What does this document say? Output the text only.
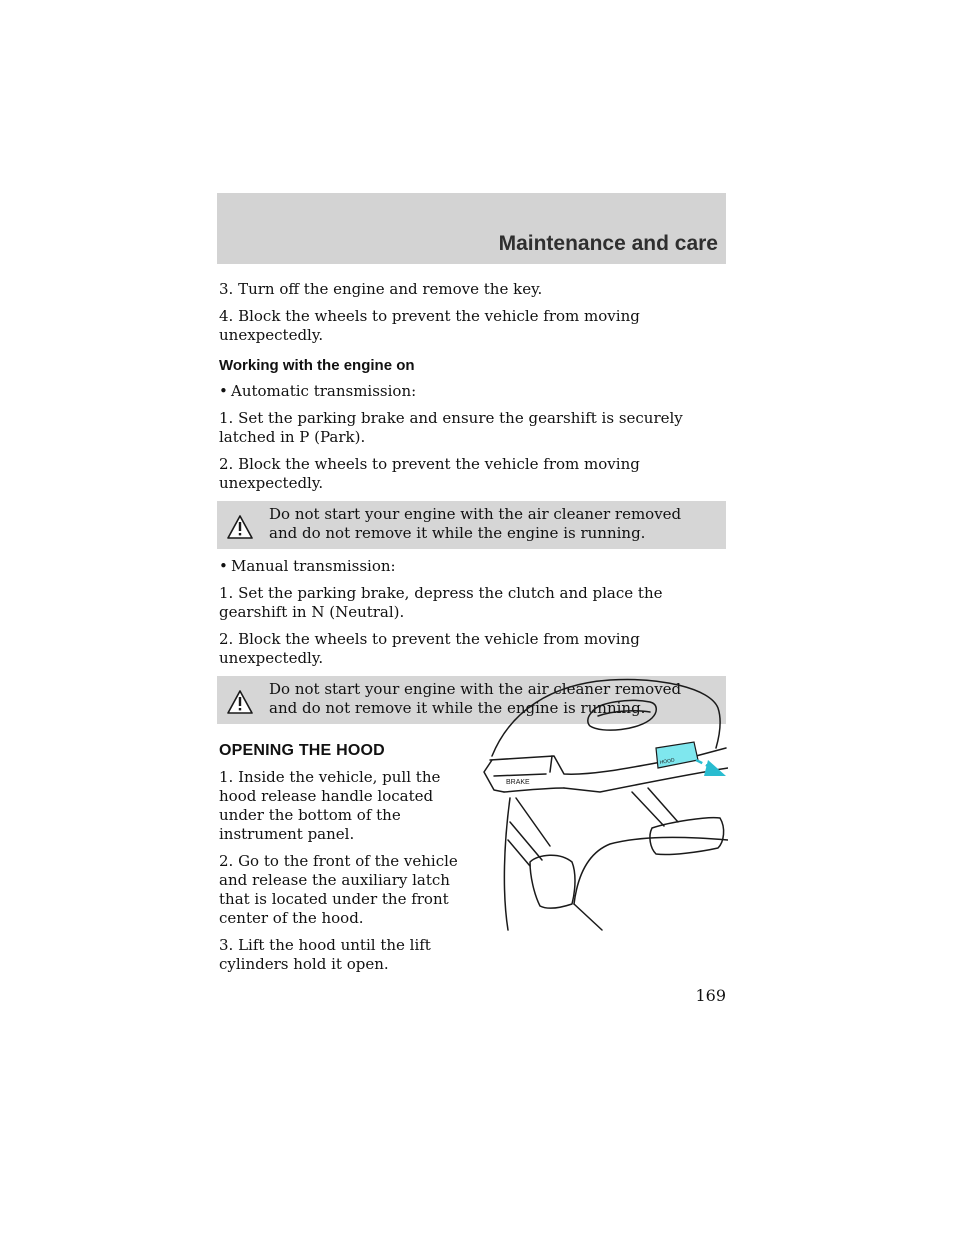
Maintenance and care

3. Turn off the engine and remove the key.

4. Block the wheels to prevent the vehicle from moving unexpectedly.

Working with the engine on

• Automatic transmission:

1. Set the parking brake and ensure the gearshift is securely latched in P (Park).

2. Block the wheels to prevent the vehicle from moving unexpectedly.

Do not start your engine with the air cleaner removed and do not remove it while the engine is running.

• Manual transmission:

1. Set the parking brake, depress the clutch and place the gearshift in N (Neutral).

2. Block the wheels to prevent the vehicle from moving unexpectedly.

Do not start your engine with the air cleaner removed and do not remove it while the engine is running.

OPENING THE HOOD

1. Inside the vehicle, pull the hood release handle located under the bottom of the instrument panel.

2. Go to the front of the vehicle and release the auxiliary latch that is located under the front center of the hood.

3. Lift the hood until the lift cylinders hold it open.

BRAKE
HOOD
169
